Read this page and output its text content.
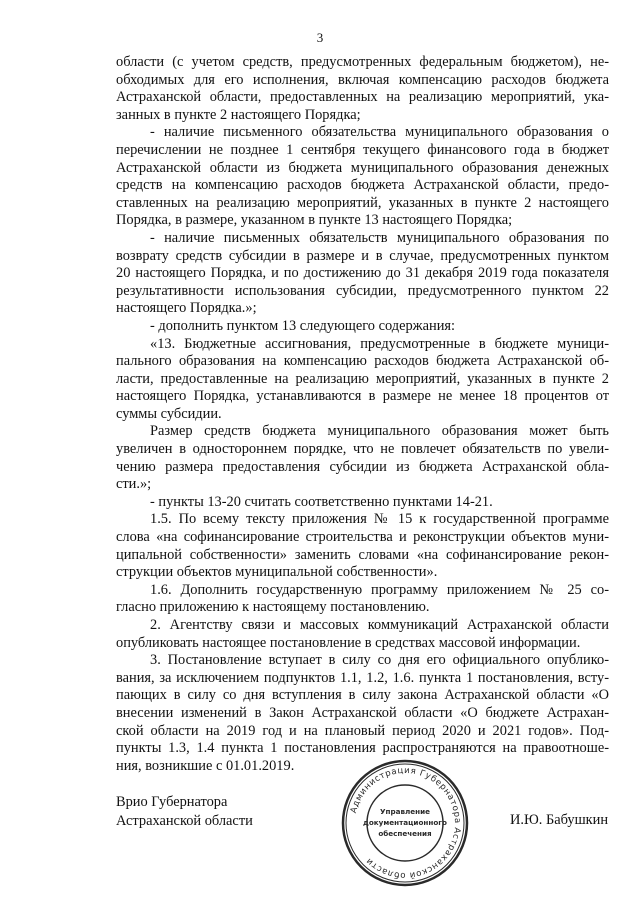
3
области (с учетом средств, предусмотренных федеральным бюджетом), не-
обходимых для его исполнения, включая компенсацию расходов бюджета
Астраханской области, предоставленных на реализацию мероприятий, ука-
занных в пункте 2 настоящего Порядка;
- наличие письменного обязательства муниципального образования о
перечислении не позднее 1 сентября текущего финансового года в бюджет
Астраханской области из бюджета муниципального образования денежных
средств на компенсацию расходов бюджета Астраханской области, предо-
ставленных на реализацию мероприятий, указанных в пункте 2 настоящего
Порядка, в размере, указанном в пункте 13 настоящего Порядка;
- наличие письменных обязательств муниципального образования по
возврату средств субсидии в размере и в случае, предусмотренных пунктом
20 настоящего Порядка, и по достижению до 31 декабря 2019 года показателя
результативности использования субсидии, предусмотренного пунктом 22
настоящего Порядка.»;
- дополнить пунктом 13 следующего содержания:
«13. Бюджетные ассигнования, предусмотренные в бюджете муници-
пального образования на компенсацию расходов бюджета Астраханской об-
ласти, предоставленные на реализацию мероприятий, указанных в пункте 2
настоящего Порядка, устанавливаются в размере не менее 18 процентов от
суммы субсидии.
Размер средств бюджета муниципального образования может быть
увеличен в одностороннем порядке, что не повлечет обязательств по увели-
чению размера предоставления субсидии из бюджета Астраханской обла-
сти.»;
- пункты 13-20 считать соответственно пунктами 14-21.
1.5. По всему тексту приложения № 15 к государственной программе
слова «на софинансирование строительства и реконструкции объектов муни-
ципальной собственности» заменить словами «на софинансирование рекон-
струкции объектов муниципальной собственности».
1.6. Дополнить государственную программу приложением № 25 со-
гласно приложению к настоящему постановлению.
2. Агентству связи и массовых коммуникаций Астраханской области
опубликовать настоящее постановление в средствах массовой информации.
3. Постановление вступает в силу со дня его официального опублико-
вания, за исключением подпунктов 1.1, 1.2, 1.6. пункта 1 постановления, всту-
пающих в силу со дня вступления в силу закона Астраханской области «О
внесении изменений в Закон Астраханской области «О бюджете Астрахан-
ской области на 2019 год и на плановый период 2020 и 2021 годов». Под-
пункты 1.3, 1.4 пункта 1 постановления распространяются на правоотноше-
ния, возникшие с 01.01.2019.
Врио Губернатора
Астраханской области
Администрация Губернатора Астраханской области
Управление
документационного
обеспечения
И.Ю. Бабушкин
